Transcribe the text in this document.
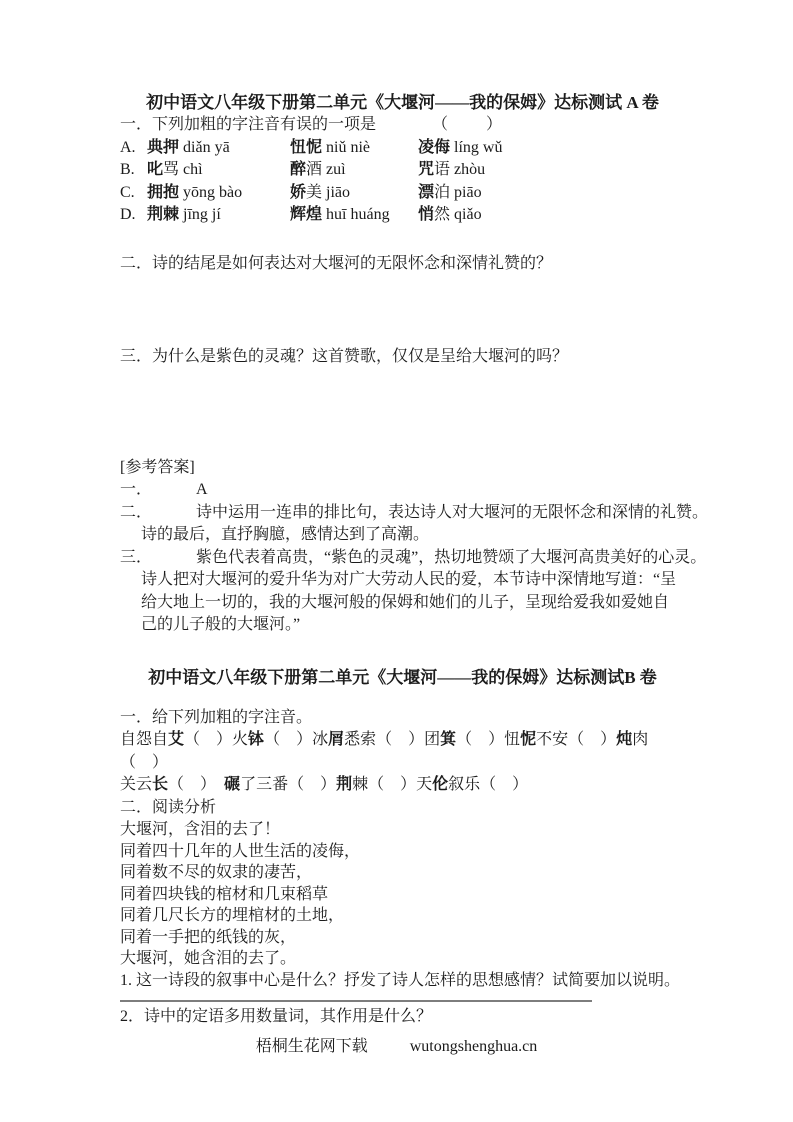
初中语文八年级下册第二单元《大堰河——我的保姆》达标测试 A 卷
一．下列加粗的字注音有误的一项是	（　　）
A. 典押 diǎn yā	忸怩 niǔ niè	凌侮 líng wǔ
B. 叱骂 chì	醉酒 zuì	咒语 zhòu
C. 拥抱 yōng bào	娇美 jiāo	漂泊 piāo
D. 荆棘 jīng jí	辉煌 huī huáng 悄然 qiǎo
二．诗的结尾是如何表达对大堰河的无限怀念和深情礼赞的？
三．为什么是紫色的灵魂？这首赞歌，仅仅是呈给大堰河的吗？
[参考答案]
一．	A
二．	诗中运用一连串的排比句，表达诗人对大堰河的无限怀念和深情的礼赞。
诗的最后，直抒胸臆，感情达到了高潮。
三．	紫色代表着高贵，“紫色的灵魂”，热切地赞颂了大堰河高贵美好的心灵。
诗人把对大堰河的爱升华为对广大劳动人民的爱，本节诗中深情地写道：“呈
给大地上一切的，我的大堰河般的保姆和她们的儿子，呈现给爱我如爱她自
己的儿子般的大堰河。”
初中语文八年级下册第二单元《大堰河——我的保姆》达标测试B 卷
一．给下列加粗的字注音。
自怨自艾（　）火钵（　）冰屑悉索（　）团箕（　）忸怩不安（　）炖肉
（　）
关云长（　）　碾了三番（　）荆棘（　）天伦叙乐（　）
二．阅读分析
大堰河，含泪的去了！
同着四十几年的人世生活的凌侮，
同着数不尽的奴隶的凄苦，
同着四块钱的棺材和几束稻草
同着几尺长方的埋棺材的土地，
同着一手把的纸钱的灰，
大堰河，她含泪的去了。
1. 这一诗段的叙事中心是什么？抒发了诗人怎样的思想感情？试简要加以说明。
2．诗中的定语多用数量词，其作用是什么？
梧桐生花网下载	wutongshenghua.cn
